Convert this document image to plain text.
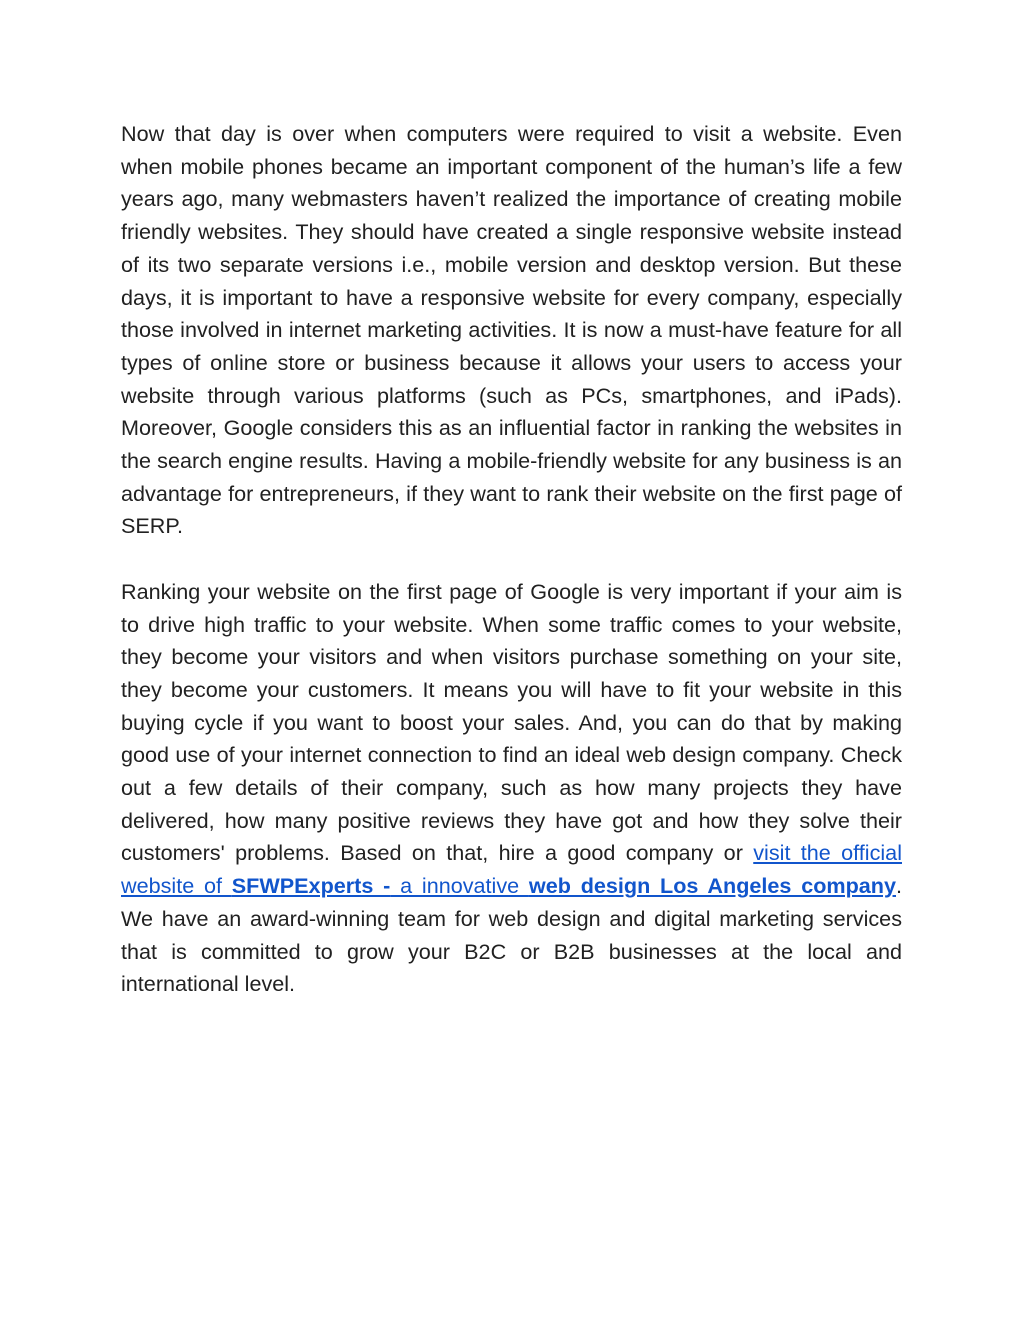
Now that day is over when computers were required to visit a website. Even when mobile phones became an important component of the human’s life a few years ago, many webmasters haven’t realized the importance of creating mobile friendly websites. They should have created a single responsive website instead of its two separate versions i.e., mobile version and desktop version. But these days, it is important to have a responsive website for every company, especially those involved in internet marketing activities. It is now a must-have feature for all types of online store or business because it allows your users to access your website through various platforms (such as PCs, smartphones, and iPads). Moreover, Google considers this as an influential factor in ranking the websites in the search engine results. Having a mobile-friendly website for any business is an advantage for entrepreneurs, if they want to rank their website on the first page of SERP.

Ranking your website on the first page of Google is very important if your aim is to drive high traffic to your website. When some traffic comes to your website, they become your visitors and when visitors purchase something on your site, they become your customers. It means you will have to fit your website in this buying cycle if you want to boost your sales. And, you can do that by making good use of your internet connection to find an ideal web design company. Check out a few details of their company, such as how many projects they have delivered, how many positive reviews they have got and how they solve their customers' problems. Based on that, hire a good company or visit the official website of SFWPExperts - a innovative web design Los Angeles company. We have an award-winning team for web design and digital marketing services that is committed to grow your B2C or B2B businesses at the local and international level.
